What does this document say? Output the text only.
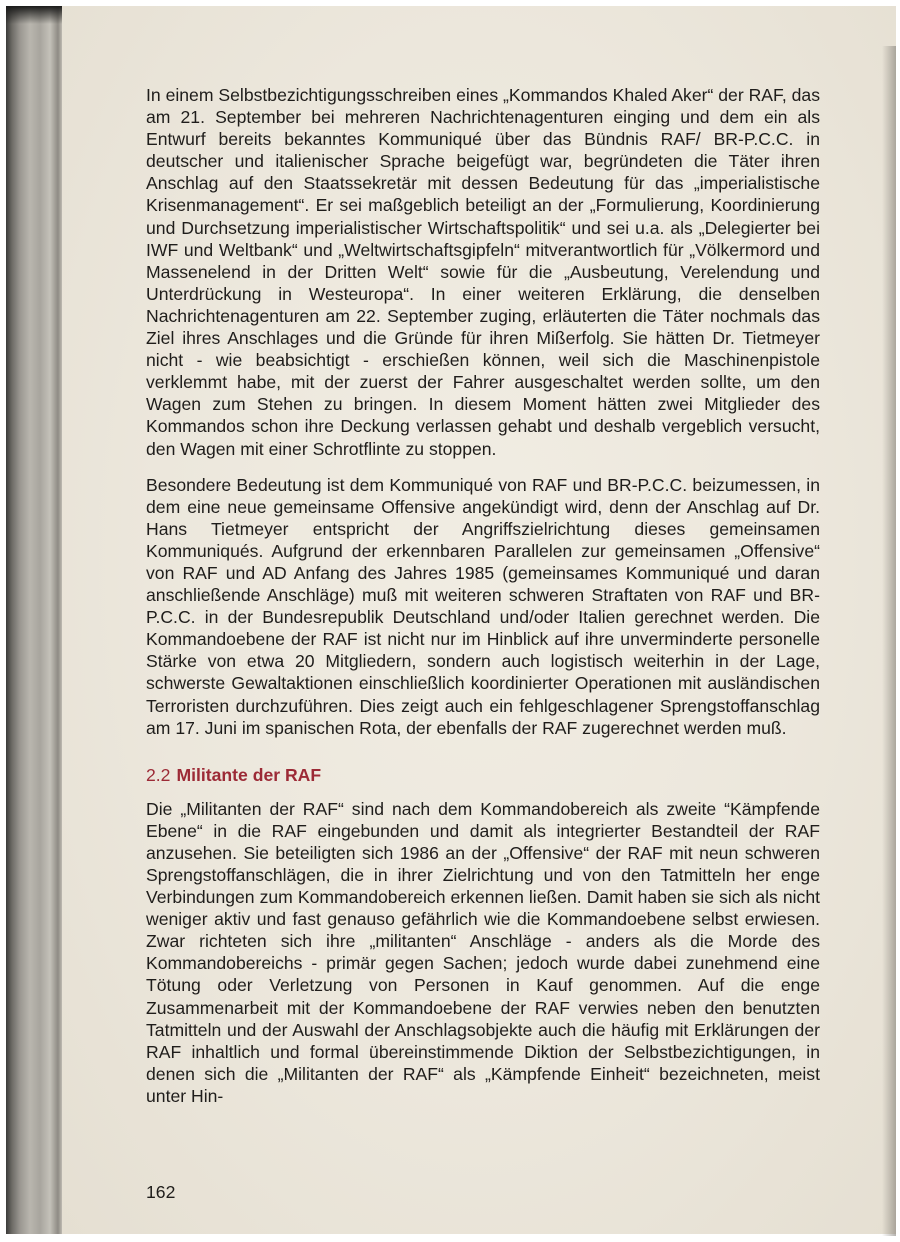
In einem Selbstbezichtigungsschreiben eines „Kommandos Khaled Aker“ der RAF, das am 21. September bei mehreren Nachrichtenagenturen einging und dem ein als Entwurf bereits bekanntes Kommuniqué über das Bündnis RAF/ BR-P.C.C. in deutscher und italienischer Sprache beigefügt war, begründeten die Täter ihren Anschlag auf den Staatssekretär mit dessen Bedeutung für das „imperialistische Krisenmanagement“. Er sei maßgeblich beteiligt an der „Formulierung, Koordinierung und Durchsetzung imperialistischer Wirtschaftspolitik“ und sei u.a. als „Delegierter bei IWF und Weltbank“ und „Weltwirtschaftsgipfeln“ mitverantwortlich für „Völkermord und Massenelend in der Dritten Welt“ sowie für die „Ausbeutung, Verelendung und Unterdrückung in Westeuropa“. In einer weiteren Erklärung, die denselben Nachrichtenagenturen am 22. September zuging, erläuterten die Täter nochmals das Ziel ihres Anschlages und die Gründe für ihren Mißerfolg. Sie hätten Dr. Tietmeyer nicht - wie beabsichtigt - erschießen können, weil sich die Maschinenpistole verklemmt habe, mit der zuerst der Fahrer ausgeschaltet werden sollte, um den Wagen zum Stehen zu bringen. In diesem Moment hätten zwei Mitglieder des Kommandos schon ihre Deckung verlassen gehabt und deshalb vergeblich versucht, den Wagen mit einer Schrotflinte zu stoppen.

Besondere Bedeutung ist dem Kommuniqué von RAF und BR-P.C.C. beizumessen, in dem eine neue gemeinsame Offensive angekündigt wird, denn der Anschlag auf Dr. Hans Tietmeyer entspricht der Angriffszielrichtung dieses gemeinsamen Kommuniqués. Aufgrund der erkennbaren Parallelen zur gemeinsamen „Offensive“ von RAF und AD Anfang des Jahres 1985 (gemeinsames Kommuniqué und daran anschließende Anschläge) muß mit weiteren schweren Straftaten von RAF und BR-P.C.C. in der Bundesrepublik Deutschland und/oder Italien gerechnet werden. Die Kommandoebene der RAF ist nicht nur im Hinblick auf ihre unverminderte personelle Stärke von etwa 20 Mitgliedern, sondern auch logistisch weiterhin in der Lage, schwerste Gewaltaktionen einschließlich koordinierter Operationen mit ausländischen Terroristen durchzuführen. Dies zeigt auch ein fehlgeschlagener Sprengstoffanschlag am 17. Juni im spanischen Rota, der ebenfalls der RAF zugerechnet werden muß.

2.2 Militante der RAF

Die „Militanten der RAF“ sind nach dem Kommandobereich als zweite “Kämpfende Ebene“ in die RAF eingebunden und damit als integrierter Bestandteil der RAF anzusehen. Sie beteiligten sich 1986 an der „Offensive“ der RAF mit neun schweren Sprengstoffanschlägen, die in ihrer Zielrichtung und von den Tatmitteln her enge Verbindungen zum Kommandobereich erkennen ließen. Damit haben sie sich als nicht weniger aktiv und fast genauso gefährlich wie die Kommandoebene selbst erwiesen. Zwar richteten sich ihre „militanten“ Anschläge - anders als die Morde des Kommandobereichs - primär gegen Sachen; jedoch wurde dabei zunehmend eine Tötung oder Verletzung von Personen in Kauf genommen. Auf die enge Zusammenarbeit mit der Kommandoebene der RAF verwies neben den benutzten Tatmitteln und der Auswahl der Anschlagsobjekte auch die häufig mit Erklärungen der RAF inhaltlich und formal übereinstimmende Diktion der Selbstbezichtigungen, in denen sich die „Militanten der RAF“ als „Kämpfende Einheit“ bezeichneten, meist unter Hin-

162
